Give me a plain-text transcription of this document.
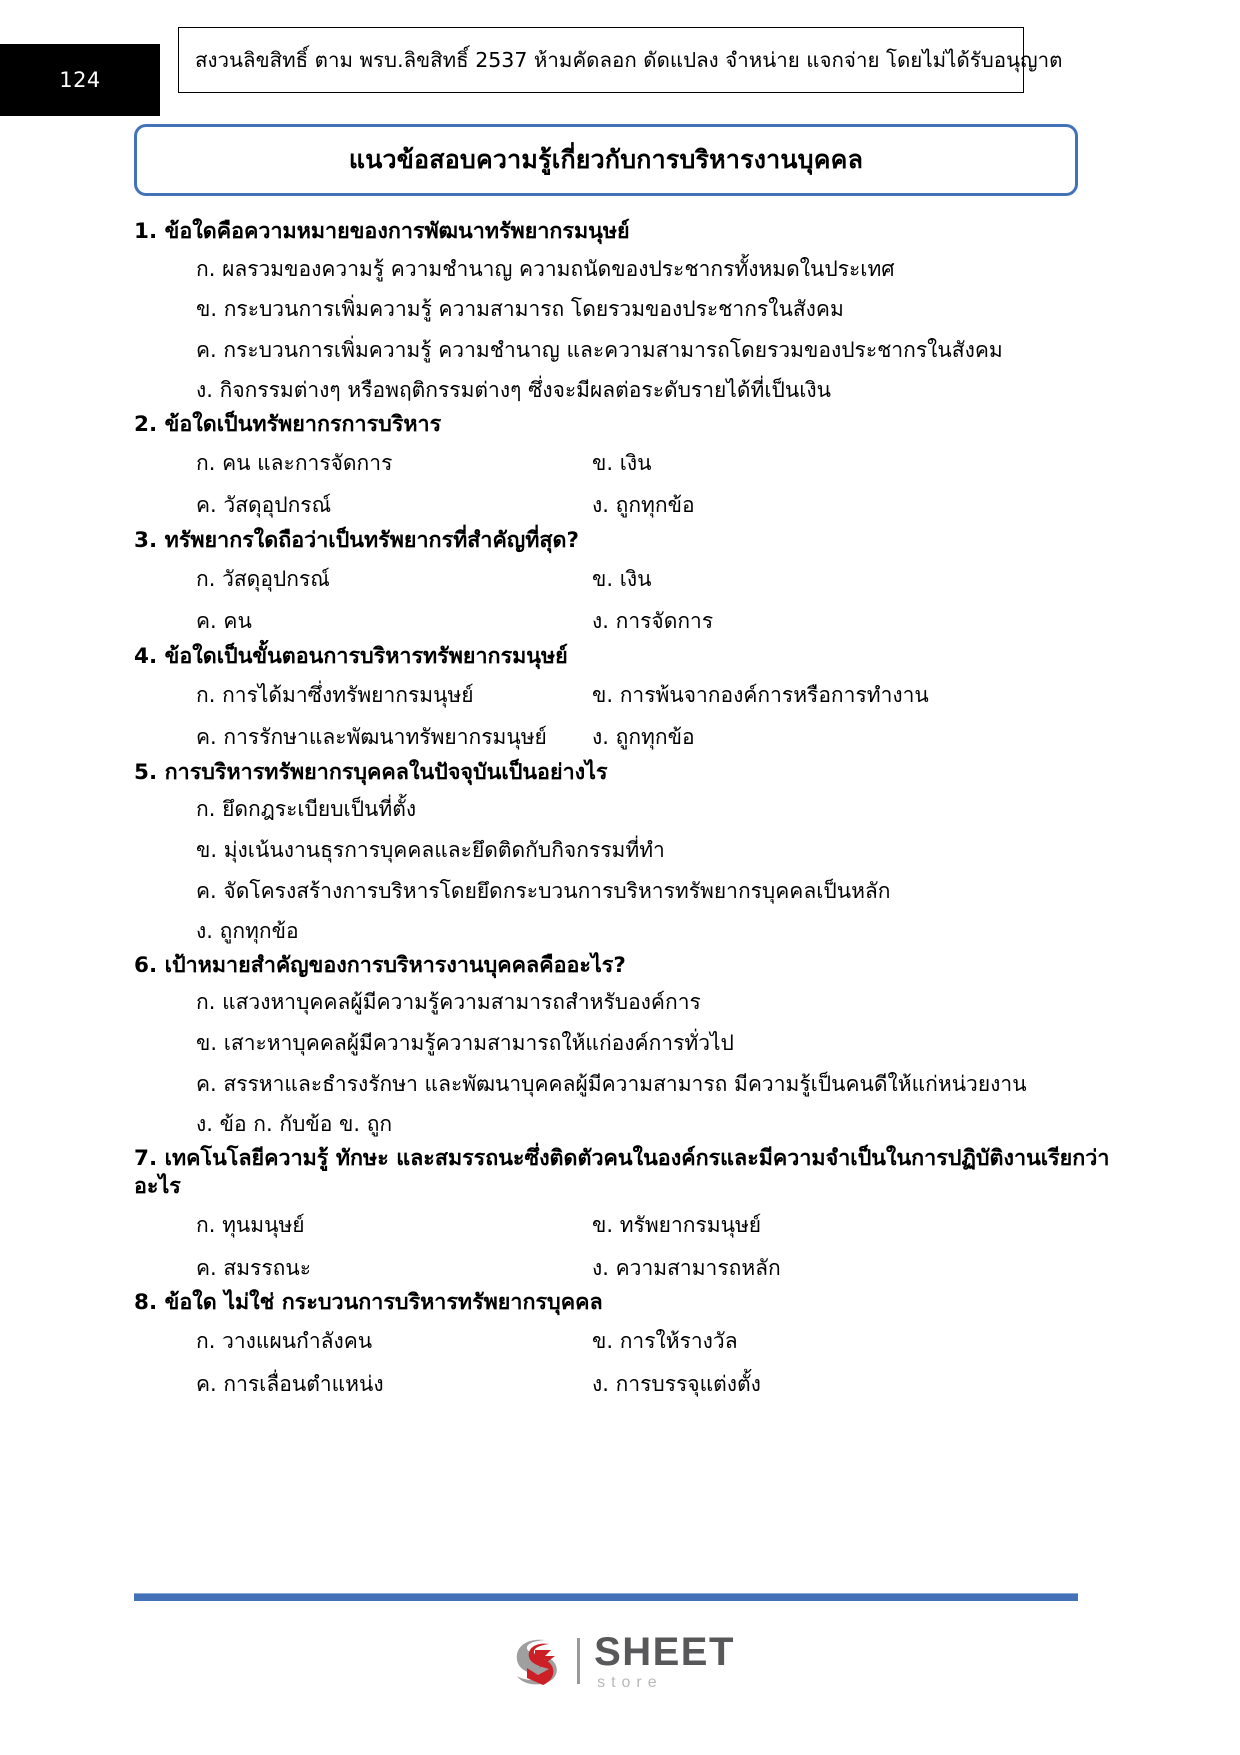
124
สงวนลิขสิทธิ์ ตาม พรบ.ลิขสิทธิ์ 2537 ห้ามคัดลอก ดัดแปลง จำหน่าย แจกจ่าย โดยไม่ได้รับอนุญาต
แนวข้อสอบความรู้เกี่ยวกับการบริหารงานบุคคล

1. ข้อใดคือความหมายของการพัฒนาทรัพยากรมนุษย์

ก. ผลรวมของความรู้ ความชำนาญ ความถนัดของประชากรทั้งหมดในประเทศ

ข. กระบวนการเพิ่มความรู้ ความสามารถ โดยรวมของประชากรในสังคม

ค. กระบวนการเพิ่มความรู้ ความชำนาญ และความสามารถโดยรวมของประชากรในสังคม

ง. กิจกรรมต่างๆ หรือพฤติกรรมต่างๆ ซึ่งจะมีผลต่อระดับรายได้ที่เป็นเงิน

2. ข้อใดเป็นทรัพยากรการบริหาร

ก. คน และการจัดการ	ข. เงิน

ค. วัสดุอุปกรณ์	ง. ถูกทุกข้อ

3. ทรัพยากรใดถือว่าเป็นทรัพยากรที่สำคัญที่สุด?

ก. วัสดุอุปกรณ์	ข. เงิน

ค. คน	ง. การจัดการ

4. ข้อใดเป็นขั้นตอนการบริหารทรัพยากรมนุษย์

ก. การได้มาซึ่งทรัพยากรมนุษย์	ข. การพ้นจากองค์การหรือการทำงาน

ค. การรักษาและพัฒนาทรัพยากรมนุษย์	ง. ถูกทุกข้อ

5. การบริหารทรัพยากรบุคคลในปัจจุบันเป็นอย่างไร

ก. ยึดกฎระเบียบเป็นที่ตั้ง

ข. มุ่งเน้นงานธุรการบุคคลและยึดติดกับกิจกรรมที่ทำ

ค. จัดโครงสร้างการบริหารโดยยึดกระบวนการบริหารทรัพยากรบุคคลเป็นหลัก

ง. ถูกทุกข้อ

6. เป้าหมายสำคัญของการบริหารงานบุคคลคืออะไร?

ก. แสวงหาบุคคลผู้มีความรู้ความสามารถสำหรับองค์การ

ข. เสาะหาบุคคลผู้มีความรู้ความสามารถให้แก่องค์การทั่วไป

ค. สรรหาและธำรงรักษา และพัฒนาบุคคลผู้มีความสามารถ มีความรู้เป็นคนดีให้แก่หน่วยงาน

ง. ข้อ ก. กับข้อ ข. ถูก

7. เทคโนโลยีความรู้ ทักษะ และสมรรถนะซึ่งติดตัวคนในองค์กรและมีความจำเป็นในการปฏิบัติงานเรียกว่าอะไร

ก. ทุนมนุษย์	ข. ทรัพยากรมนุษย์

ค. สมรรถนะ	ง. ความสามารถหลัก

8. ข้อใด ไม่ใช่ กระบวนการบริหารทรัพยากรบุคคล

ก. วางแผนกำลังคน	ข. การให้รางวัล

ค. การเลื่อนตำแหน่ง	ง. การบรรจุแต่งตั้ง

SHEET
store
